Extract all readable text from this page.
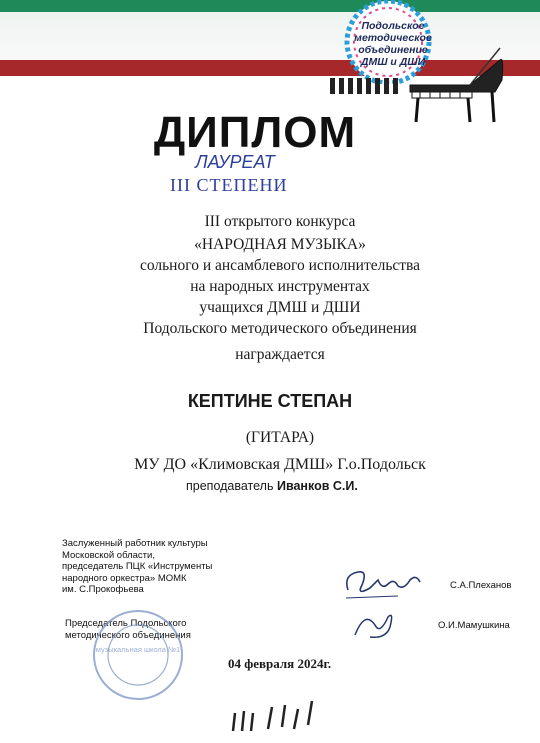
Подольское
методическое
объединение
ДМШ и ДШИ
ДИПЛОМ
ЛАУРЕАТ
III СТЕПЕНИ
III открытого конкурса
«НАРОДНАЯ МУЗЫКА»
сольного и ансамблевого исполнительства
на народных инструментах
учащихся ДМШ и ДШИ
Подольского методического объединения
награждается
КЕПТИНЕ СТЕПАН
(ГИТАРА)
МУ ДО «Климовская ДМШ» Г.о.Подольск
преподаватель Иванков С.И.
Заслуженный работник культуры
Московской области,
председатель ПЦК «Инструменты
народного оркестра» МОМК
им. С.Прокофьева	С.А.Плеханов
Председатель Подольского
методического объединения
О.И.Мамушкина
музыкальная школа №1
04 февраля 2024г.
